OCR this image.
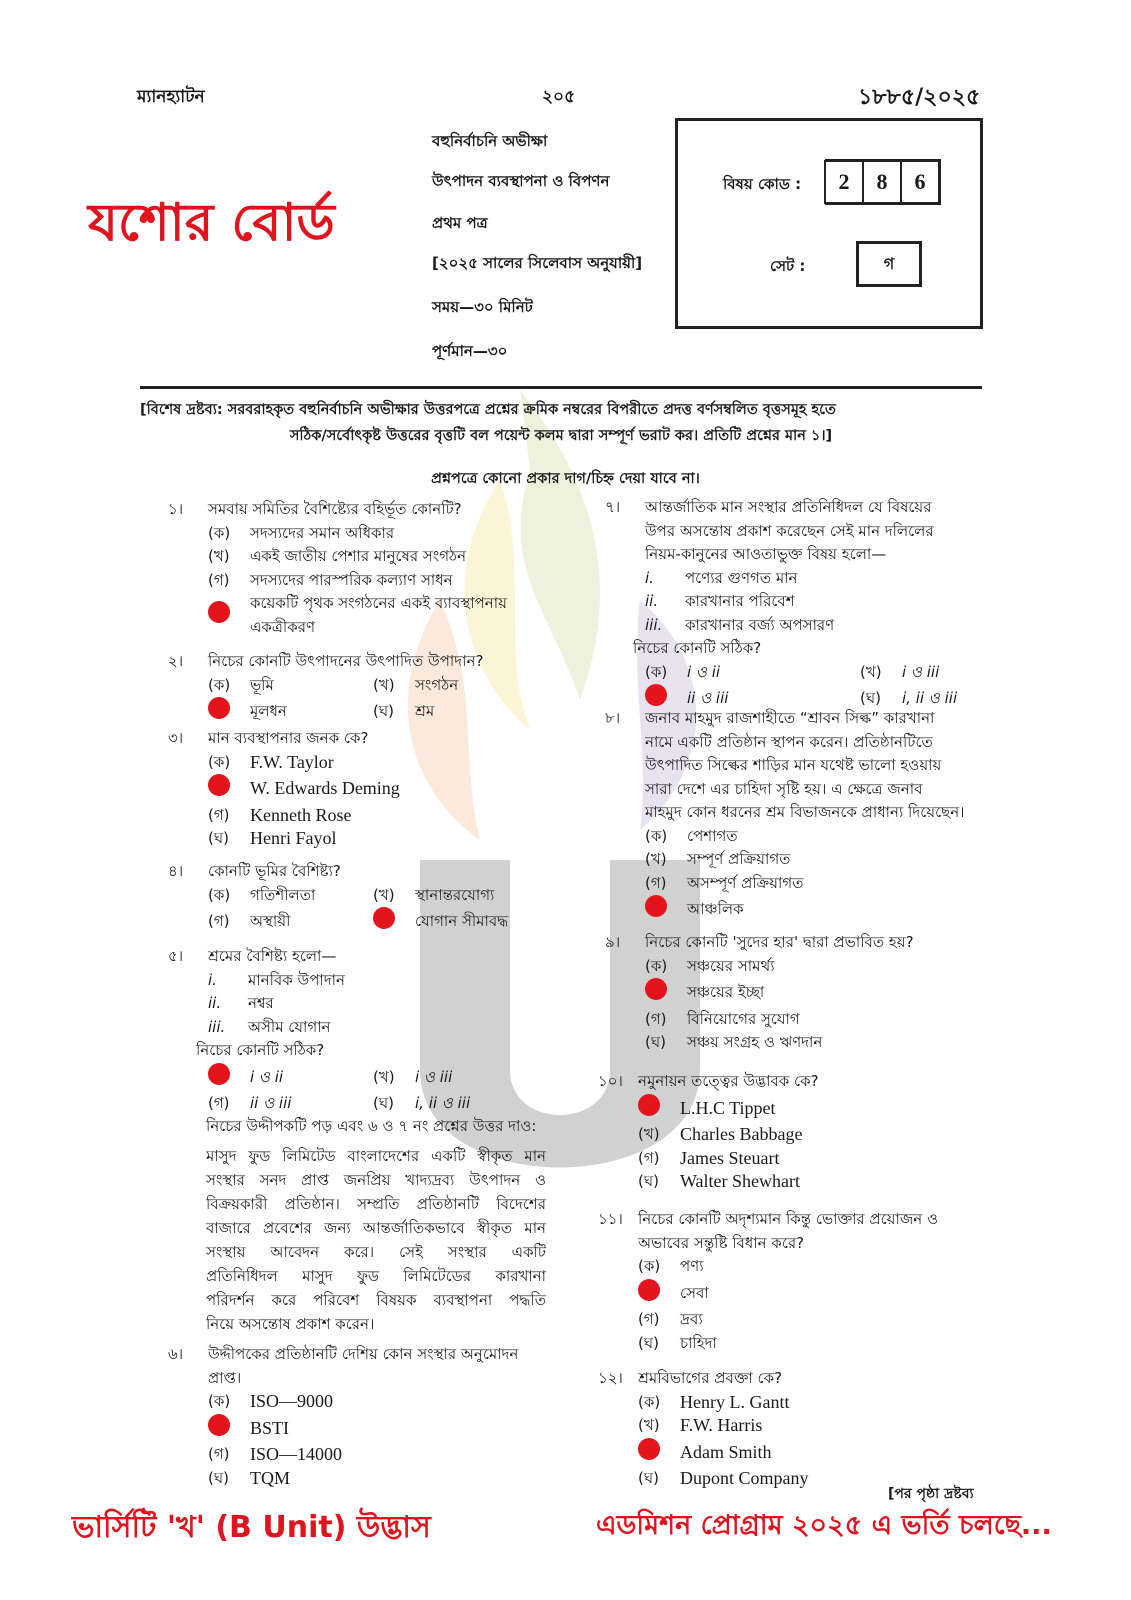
ম্যানহ্যাটন	২০৫	১৮৮৫/২০২৫
যশোর বোর্ড
বহুনির্বাচনি অভীক্ষা
উৎপাদন ব্যবস্থাপনা ও বিপণন
প্রথম পত্র
[২০২৫ সালের সিলেবাস অনুযায়ী]
সময়—৩০ মিনিট
পূর্ণমান—৩০
বিষয় কোড :	2	8	6
সেট :	গ
[বিশেষ দ্রষ্টব্য: সরবরাহকৃত বহুনির্বাচনি অভীক্ষার উত্তরপত্রে প্রশ্নের ক্রমিক নম্বরের বিপরীতে প্রদত্ত বর্ণসম্বলিত বৃত্তসমূহ হতে
সঠিক/সর্বোৎকৃষ্ট উত্তরের বৃত্তটি বল পয়েন্ট কলম দ্বারা সম্পূর্ণ ভরাট কর। প্রতিটি প্রশ্নের মান ১।]
প্রশ্নপত্রে কোনো প্রকার দাগ/চিহ্ন দেয়া যাবে না।
১। সমবায় সমিতির বৈশিষ্ট্যের বহির্ভূত কোনটি?
(ক)	সদস্যদের সমান অধিকার
(খ)	একই জাতীয় পেশার মানুষের সংগঠন
(গ)	সদস্যদের পারস্পরিক কল্যাণ সাধন
কয়েকটি পৃথক সংগঠনের একই ব্যাবস্থাপনায় একত্রীকরণ
২। নিচের কোনটি উৎপাদনের উৎপাদিত উপাদান?
(ক)	ভূমি	(খ)	সংগঠন
মূলধন	(ঘ)	শ্রম
৩। মান ব্যবস্থাপনার জনক কে?
(ক)	F.W. Taylor
W. Edwards Deming
(গ)	Kenneth Rose
(ঘ)	Henri Fayol
৪। কোনটি ভূমির বৈশিষ্ট্য?
(ক)	গতিশীলতা	(খ)	স্থানান্তরযোগ্য
(গ)	অস্থায়ী	যোগান সীমাবদ্ধ
৫। শ্রমের বৈশিষ্ট্য হলো—
i.	মানবিক উপাদান
ii.	নশ্বর
iii.	অসীম যোগান
নিচের কোনটি সঠিক?
i ও ii	(খ)	i ও iii
(গ)	ii ও iii	(ঘ)	i, ii ও iii
নিচের উদ্দীপকটি পড় এবং ৬ ও ৭ নং প্রশ্নের উত্তর দাও:
মাসুদ ফুড লিমিটেড বাংলাদেশের একটি স্বীকৃত মান
সংস্থার সনদ প্রাপ্ত জনপ্রিয় খাদ্যদ্রব্য উৎপাদন ও
বিক্রয়কারী প্রতিষ্ঠান। সম্প্রতি প্রতিষ্ঠানটি বিদেশের
বাজারে প্রবেশের জন্য আন্তর্জাতিকভাবে স্বীকৃত মান
সংস্থায় আবেদন করে। সেই সংস্থার একটি
প্রতিনিধিদল মাসুদ ফুড লিমিটেডের কারখানা
পরিদর্শন করে পরিবেশ বিষয়ক ব্যবস্থাপনা পদ্ধতি
নিয়ে অসন্তোষ প্রকাশ করেন।
৬। উদ্দীপকের প্রতিষ্ঠানটি দেশিয় কোন সংস্থার অনুমোদন
প্রাপ্ত।
(ক)	ISO—9000
BSTI
(গ)	ISO—14000
(ঘ)	TQM
৭। আন্তর্জাতিক মান সংস্থার প্রতিনিধিদল যে বিষয়ের
উপর অসন্তোষ প্রকাশ করেছেন সেই মান দলিলের
নিয়ম-কানুনের আওতাভুক্ত বিষয় হলো—
i.	পণ্যের গুণগত মান
ii.	কারখানার পরিবেশ
iii.	কারখানার বর্জ্য অপসারণ
নিচের কোনটি সঠিক?
(ক)	i ও ii	(খ)	i ও iii
ii ও iii	(ঘ)	i, ii ও iii
৮। জনাব মাহমুদ রাজশাহীতে “শ্রাবন সিল্ক” কারখানা
নামে একটি প্রতিষ্ঠান স্থাপন করেন। প্রতিষ্ঠানটিতে
উৎপাদিত সিল্কের শাড়ির মান যথেষ্ট ভালো হওয়ায়
সারা দেশে এর চাহিদা সৃষ্টি হয়। এ ক্ষেত্রে জনাব
মাহমুদ কোন ধরনের শ্রম বিভাজনকে প্রাধান্য দিয়েছেন।
(ক)	পেশাগত
(খ)	সম্পূর্ণ প্রক্রিয়াগত
(গ)	অসম্পূর্ণ প্রক্রিয়াগত
আঞ্চলিক
৯। নিচের কোনটি 'সুদের হার' দ্বারা প্রভাবিত হয়?
(ক)	সঞ্চয়ের সামর্থ্য
সঞ্চয়ের ইচ্ছা
(গ)	বিনিয়োগের সুযোগ
(ঘ)	সঞ্চয় সংগ্রহ ও ঋণদান
১০। নমুনায়ন তত্ত্বের উদ্ভাবক কে?
L.H.C Tippet
(খ)	Charles Babbage
(গ)	James Steuart
(ঘ)	Walter Shewhart
১১। নিচের কোনটি অদৃশ্যমান কিন্তু ভোক্তার প্রয়োজন ও
অভাবের সন্তুষ্টি বিধান করে?
(ক)	পণ্য
সেবা
(গ)	দ্রব্য
(ঘ)	চাহিদা
১২। শ্রমবিভাগের প্রবক্তা কে?
(ক)	Henry L. Gantt
(খ)	F.W. Harris
Adam Smith
(ঘ)	Dupont Company
[পর পৃষ্ঠা দ্রষ্টব্য
ভার্সিটি 'খ' (B Unit) উদ্ভাস	এডমিশন প্রোগ্রাম ২০২৫ এ ভর্তি চলছে...
